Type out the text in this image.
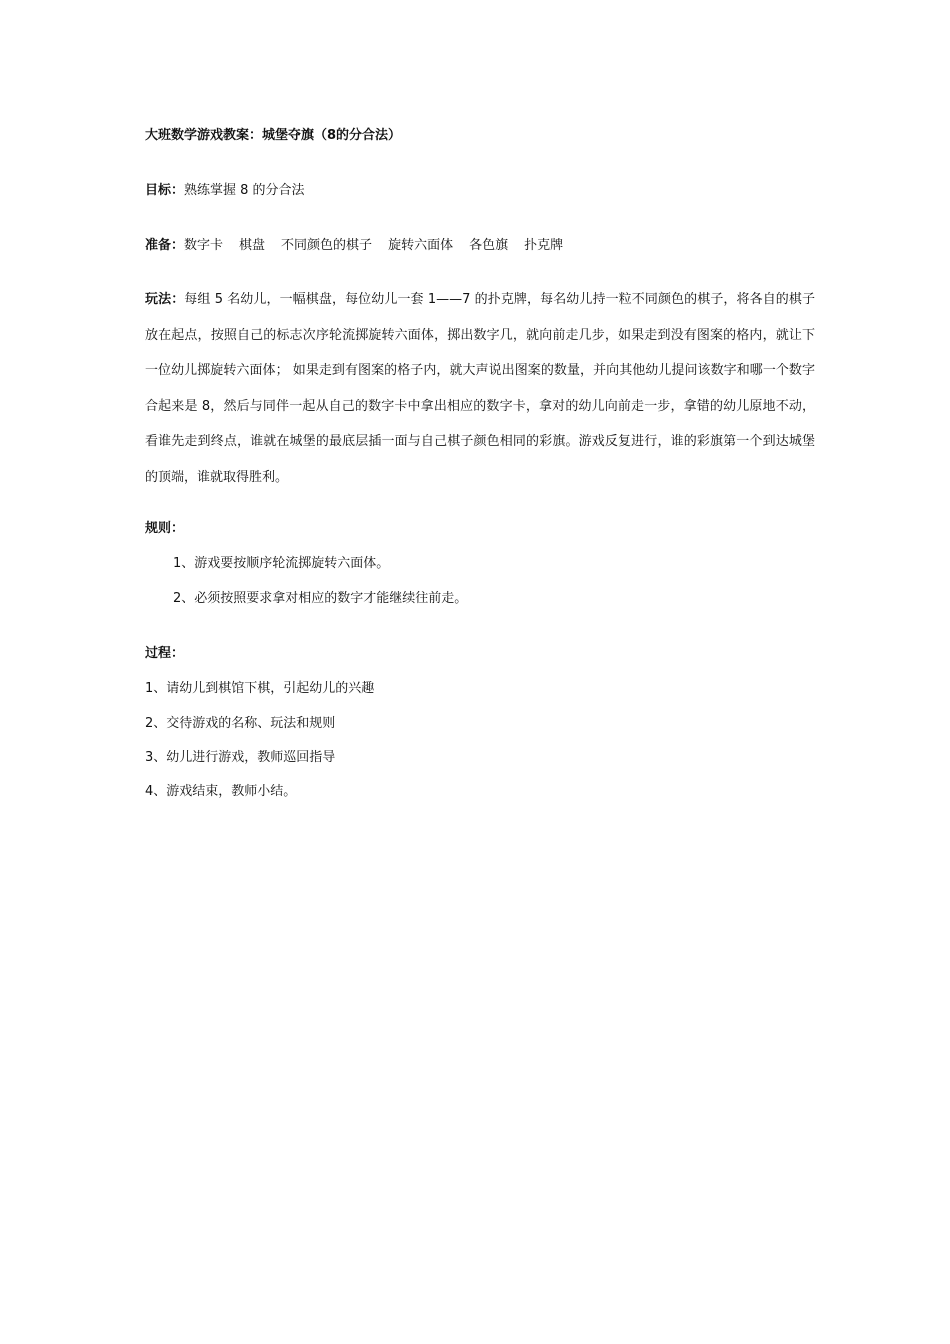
大班数学游戏教案：城堡夺旗（8的分合法）
目标：熟练掌握 8 的分合法
准备：数字卡 棋盘 不同颜色的棋子 旋转六面体 各色旗 扑克牌
玩法：每组 5 名幼儿，一幅棋盘，每位幼儿一套 1——7 的扑克牌，每名幼儿持一粒不同颜色的棋子，将各自的棋子放在起点，按照自己的标志次序轮流掷旋转六面体，掷出数字几，就向前走几步，如果走到没有图案的格内，就让下一位幼儿掷旋转六面体； 如果走到有图案的格子内，就大声说出图案的数量，并向其他幼儿提问该数字和哪一个数字合起来是 8，然后与同伴一起从自己的数字卡中拿出相应的数字卡，拿对的幼儿向前走一步，拿错的幼儿原地不动，看谁先走到终点，谁就在城堡的最底层插一面与自己棋子颜色相同的彩旗。游戏反复进行，谁的彩旗第一个到达城堡的顶端，谁就取得胜利。
规则：
1、游戏要按顺序轮流掷旋转六面体。
2、必须按照要求拿对相应的数字才能继续往前走。
过程：
1、请幼儿到棋馆下棋，引起幼儿的兴趣
2、交待游戏的名称、玩法和规则
3、幼儿进行游戏，教师巡回指导
4、游戏结束，教师小结。
